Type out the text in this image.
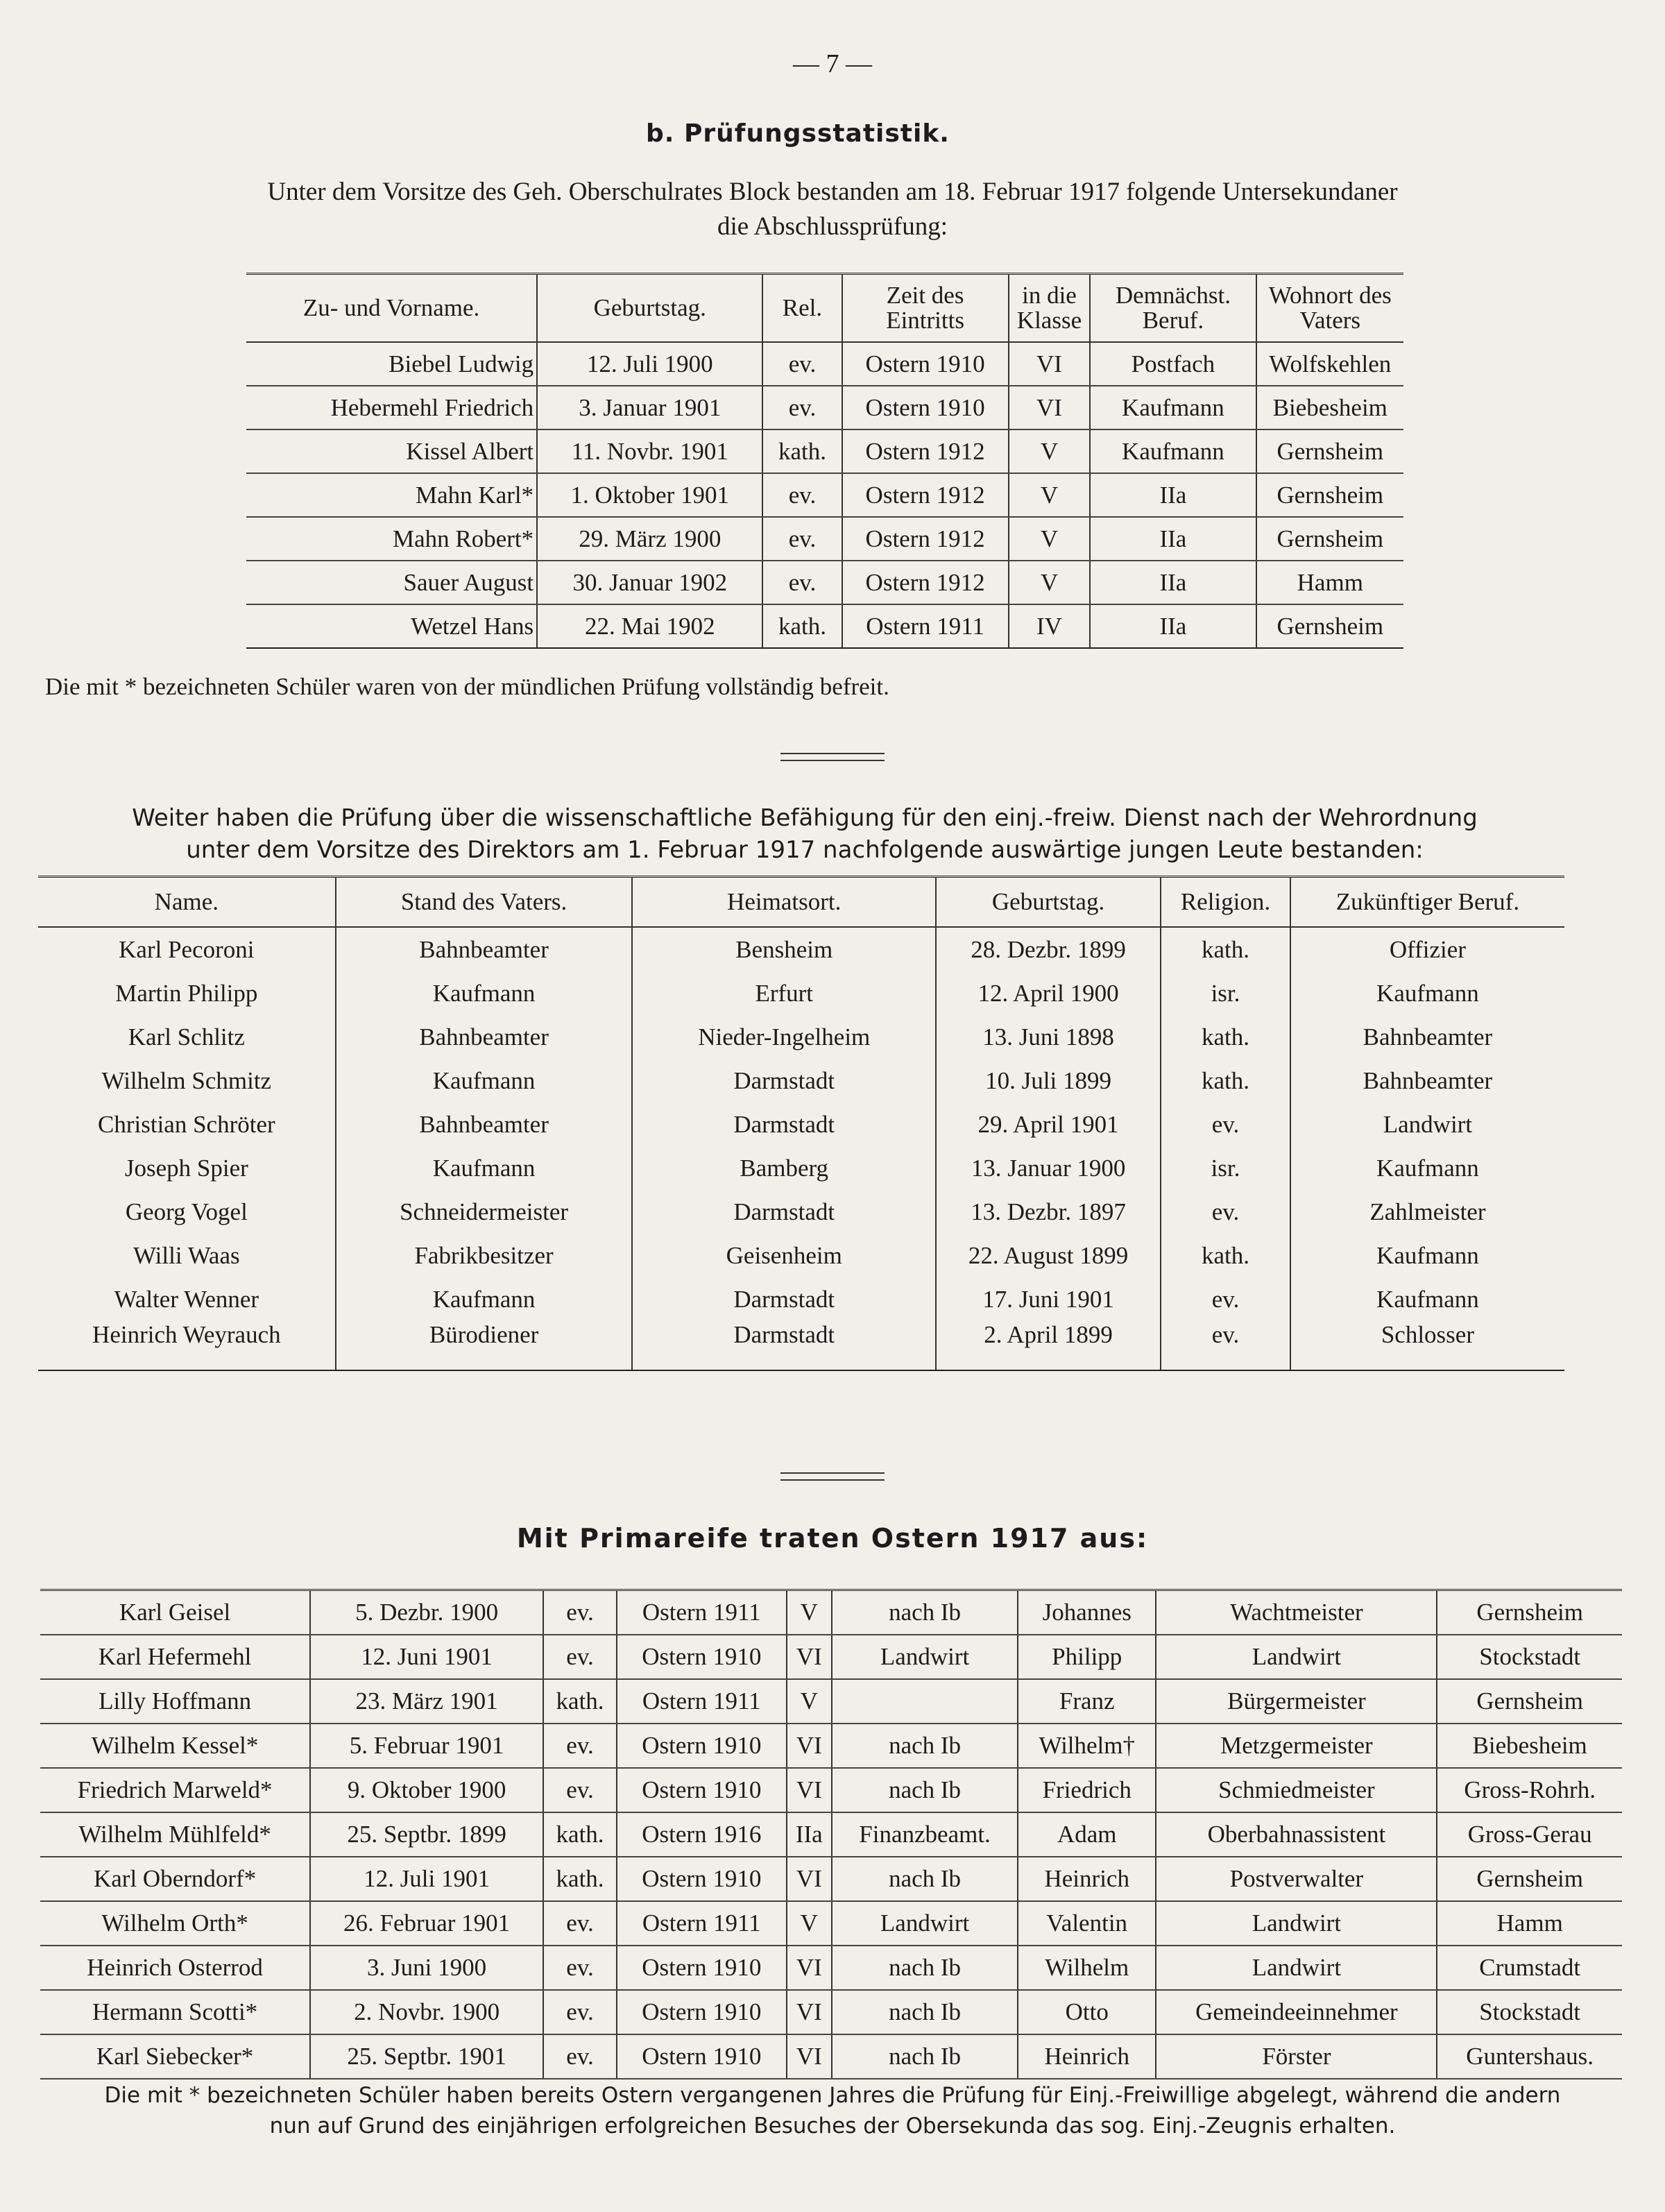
— 7 —
b. Prüfungsstatistik.
Unter dem Vorsitze des Geh. Oberschulrates Block bestanden am 18. Februar 1917 folgende Untersekundaner
die Abschlussprüfung:
Zu- und Vorname.	Geburtstag.	Rel.	Zeit des Eintritts	in die Klasse	Demnächst. Beruf.	Wohnort des Vaters
Biebel Ludwig	12. Juli 1900	ev.	Ostern 1910	VI	Postfach	Wolfskehlen
Hebermehl Friedrich	3. Januar 1901	ev.	Ostern 1910	VI	Kaufmann	Biebesheim
Kissel Albert	11. Novbr. 1901	kath.	Ostern 1912	V	Kaufmann	Gernsheim
Mahn Karl*	1. Oktober 1901	ev.	Ostern 1912	V	IIa	Gernsheim
Mahn Robert*	29. März 1900	ev.	Ostern 1912	V	IIa	Gernsheim
Sauer August	30. Januar 1902	ev.	Ostern 1912	V	IIa	Hamm
Wetzel Hans	22. Mai 1902	kath.	Ostern 1911	IV	IIa	Gernsheim
Die mit * bezeichneten Schüler waren von der mündlichen Prüfung vollständig befreit.
Weiter haben die Prüfung über die wissenschaftliche Befähigung für den einj.-freiw. Dienst nach der Wehrordnung
unter dem Vorsitze des Direktors am 1. Februar 1917 nachfolgende auswärtige jungen Leute bestanden:
Name.	Stand des Vaters.	Heimatsort.	Geburtstag.	Religion.	Zukünftiger Beruf.
Karl Pecoroni	Bahnbeamter	Bensheim	28. Dezbr. 1899	kath.	Offizier
Martin Philipp	Kaufmann	Erfurt	12. April 1900	isr.	Kaufmann
Karl Schlitz	Bahnbeamter	Nieder-Ingelheim	13. Juni 1898	kath.	Bahnbeamter
Wilhelm Schmitz	Kaufmann	Darmstadt	10. Juli 1899	kath.	Bahnbeamter
Christian Schröter	Bahnbeamter	Darmstadt	29. April 1901	ev.	Landwirt
Joseph Spier	Kaufmann	Bamberg	13. Januar 1900	isr.	Kaufmann
Georg Vogel	Schneidermeister	Darmstadt	13. Dezbr. 1897	ev.	Zahlmeister
Willi Waas	Fabrikbesitzer	Geisenheim	22. August 1899	kath.	Kaufmann
Walter Wenner	Kaufmann	Darmstadt	17. Juni 1901	ev.	Kaufmann
Heinrich Weyrauch	Bürodiener	Darmstadt	2. April 1899	ev.	Schlosser
Mit Primareife traten Ostern 1917 aus:
Karl Geisel	5. Dezbr. 1900	ev.	Ostern 1911	V	nach Ib	Johannes	Wachtmeister	Gernsheim
Karl Hefermehl	12. Juni 1901	ev.	Ostern 1910	VI	Landwirt	Philipp	Landwirt	Stockstadt
Lilly Hoffmann	23. März 1901	kath.	Ostern 1911	V		Franz	Bürgermeister	Gernsheim
Wilhelm Kessel*	5. Februar 1901	ev.	Ostern 1910	VI	nach Ib	Wilhelm†	Metzgermeister	Biebesheim
Friedrich Marweld*	9. Oktober 1900	ev.	Ostern 1910	VI	nach Ib	Friedrich	Schmiedmeister	Gross-Rohrh.
Wilhelm Mühlfeld*	25. Septbr. 1899	kath.	Ostern 1916	IIa	Finanzbeamt.	Adam	Oberbahnassistent	Gross-Gerau
Karl Oberndorf*	12. Juli 1901	kath.	Ostern 1910	VI	nach Ib	Heinrich	Postverwalter	Gernsheim
Wilhelm Orth*	26. Februar 1901	ev.	Ostern 1911	V	Landwirt	Valentin	Landwirt	Hamm
Heinrich Osterrod	3. Juni 1900	ev.	Ostern 1910	VI	nach Ib	Wilhelm	Landwirt	Crumstadt
Hermann Scotti*	2. Novbr. 1900	ev.	Ostern 1910	VI	nach Ib	Otto	Gemeindeeinnehmer	Stockstadt
Karl Siebecker*	25. Septbr. 1901	ev.	Ostern 1910	VI	nach Ib	Heinrich	Förster	Guntershaus.
Die mit * bezeichneten Schüler haben bereits Ostern vergangenen Jahres die Prüfung für Einj.-Freiwillige abgelegt, während die andern
nun auf Grund des einjährigen erfolgreichen Besuches der Obersekunda das sog. Einj.-Zeugnis erhalten.
